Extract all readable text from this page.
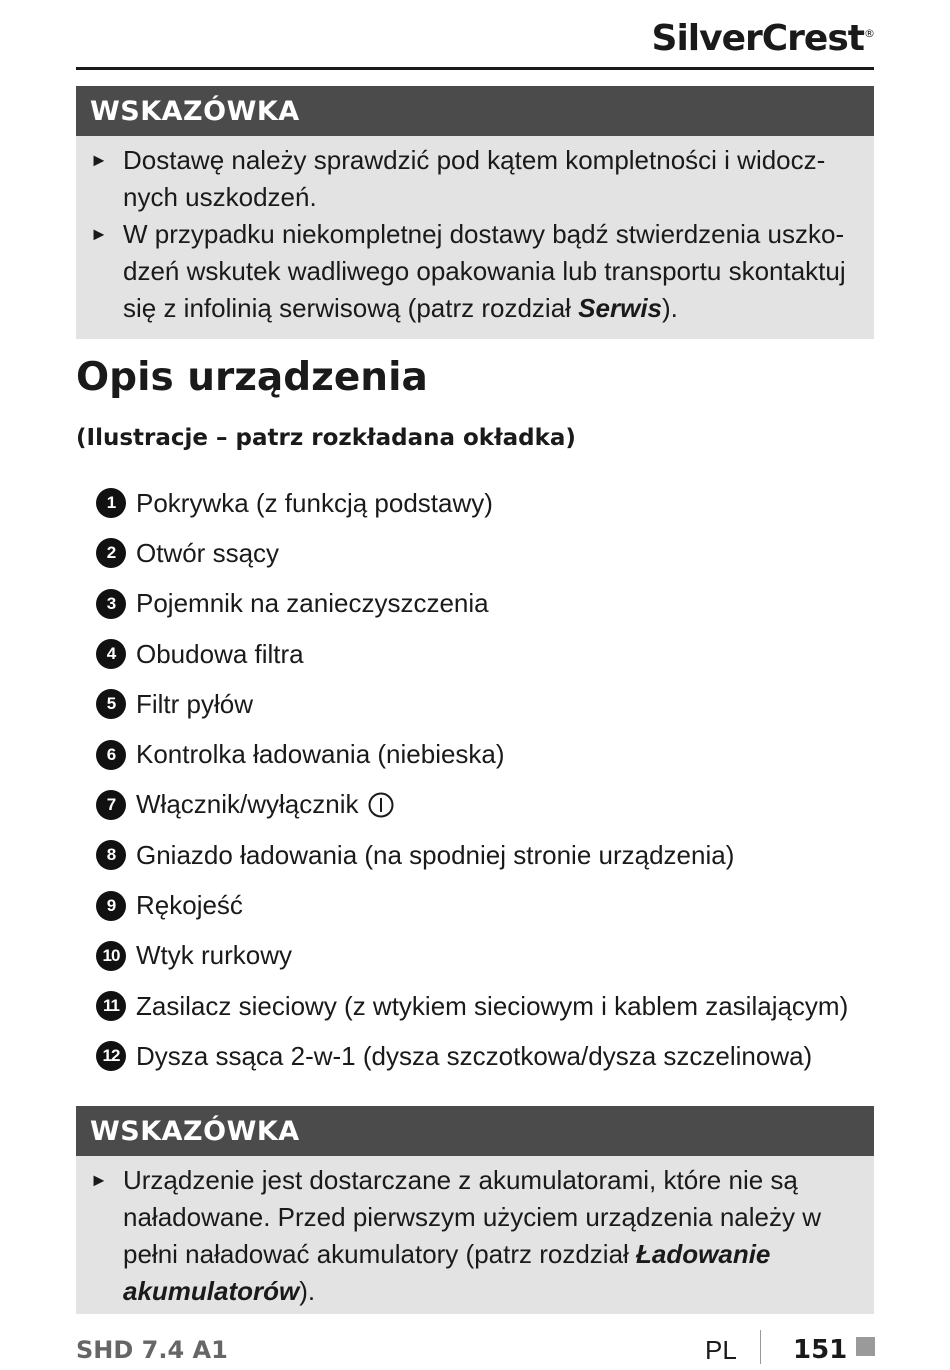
SilverCrest®
WSKAZÓWKA
► Dostawę należy sprawdzić pod kątem kompletności i widocz-nych uszkodzeń.
► W przypadku niekompletnej dostawy bądź stwierdzenia uszko-dzeń wskutek wadliwego opakowania lub transportu skontaktuj się z infolinią serwisową (patrz rozdział Serwis).
Opis urządzenia
(Ilustracje – patrz rozkładana okładka)
1 Pokrywka (z funkcją podstawy)
2 Otwór ssący
3 Pojemnik na zanieczyszczenia
4 Obudowa filtra
5 Filtr pyłów
6 Kontrolka ładowania (niebieska)
7 Włącznik/wyłącznik
8 Gniazdo ładowania (na spodniej stronie urządzenia)
9 Rękojeść
10 Wtyk rurkowy
11 Zasilacz sieciowy (z wtykiem sieciowym i kablem zasilającym)
12 Dysza ssąca 2-w-1 (dysza szczotkowa/dysza szczelinowa)
WSKAZÓWKA
► Urządzenie jest dostarczane z akumulatorami, które nie są naładowane. Przed pierwszym użyciem urządzenia należy w pełni naładować akumulatory (patrz rozdział Ładowanie akumulatorów).
SHD 7.4 A1	PL 151
